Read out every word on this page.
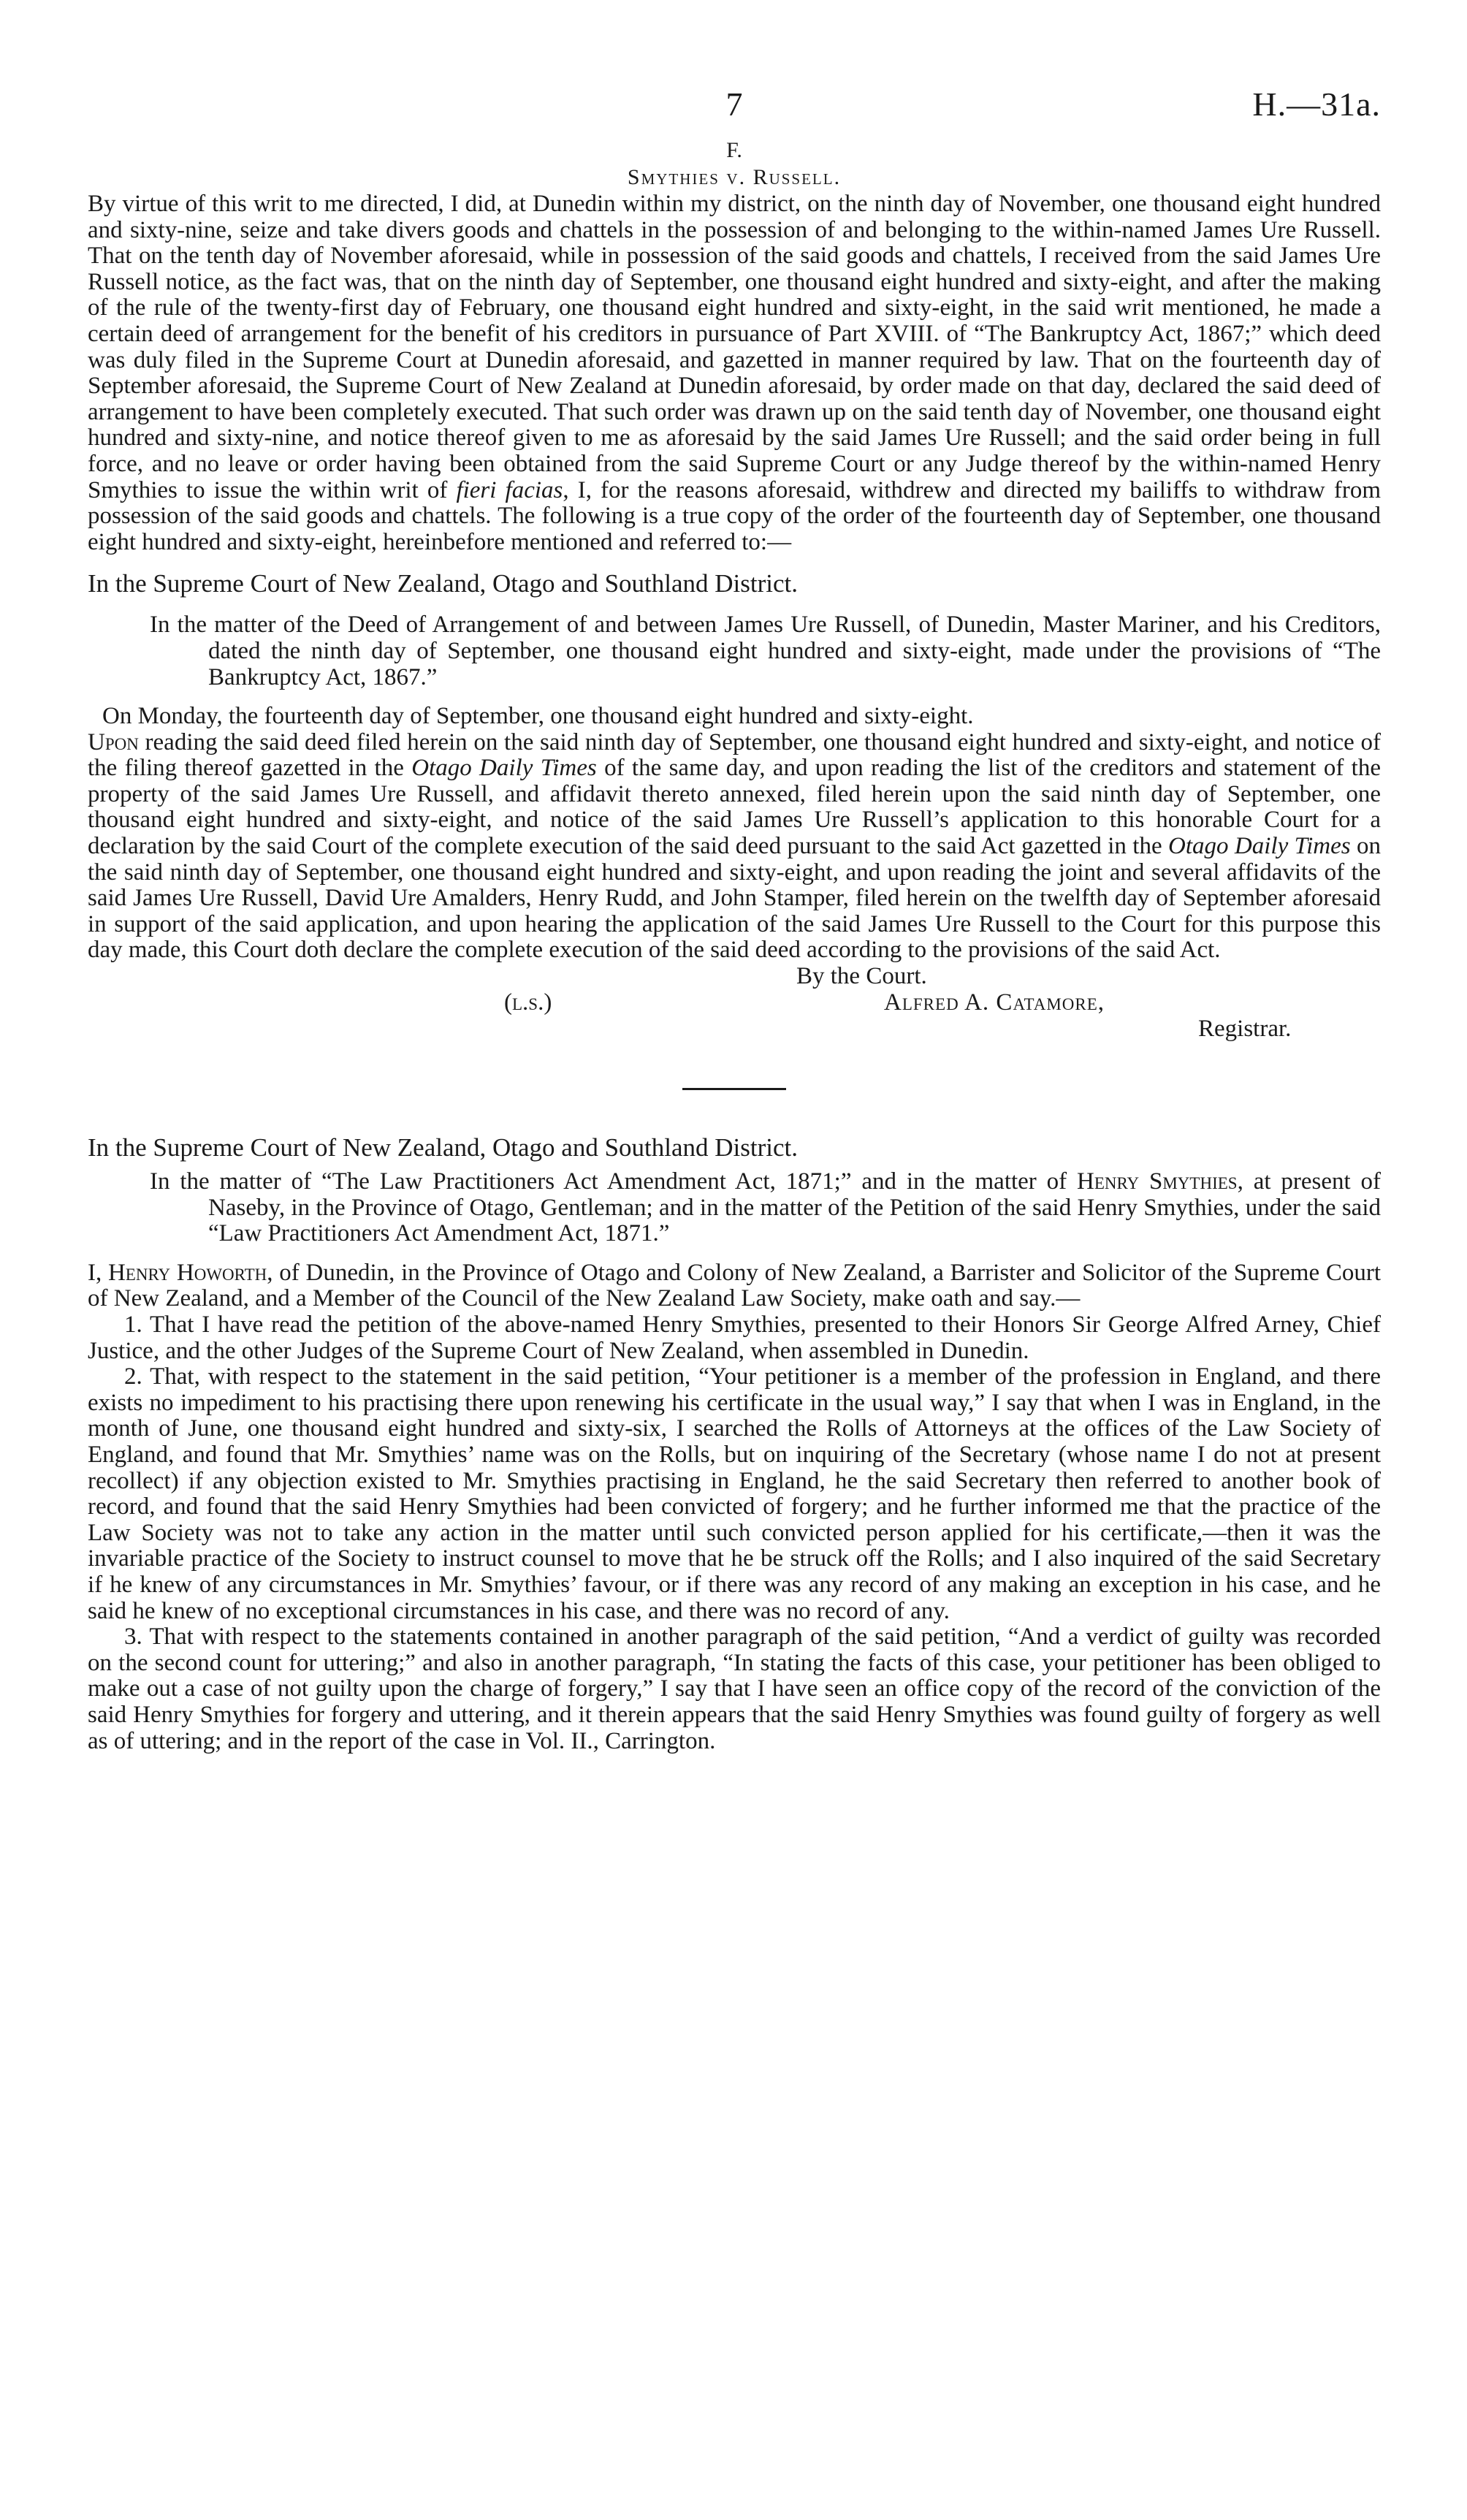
7	H.—31a.
F.
Smythies v. Russell.

By virtue of this writ to me directed, I did, at Dunedin within my district, on the ninth day of November, one thousand eight hundred and sixty-nine, seize and take divers goods and chattels in the possession of and belonging to the within-named James Ure Russell. That on the tenth day of November aforesaid, while in possession of the said goods and chattels, I received from the said James Ure Russell notice, as the fact was, that on the ninth day of September, one thousand eight hundred and sixty-eight, and after the making of the rule of the twenty-first day of February, one thousand eight hundred and sixty-eight, in the said writ mentioned, he made a certain deed of arrangement for the benefit of his creditors in pursuance of Part XVIII. of “The Bankruptcy Act, 1867;” which deed was duly filed in the Supreme Court at Dunedin aforesaid, and gazetted in manner required by law. That on the fourteenth day of September aforesaid, the Supreme Court of New Zealand at Dunedin aforesaid, by order made on that day, declared the said deed of arrangement to have been completely executed. That such order was drawn up on the said tenth day of November, one thousand eight hundred and sixty-nine, and notice thereof given to me as aforesaid by the said James Ure Russell; and the said order being in full force, and no leave or order having been obtained from the said Supreme Court or any Judge thereof by the within-named Henry Smythies to issue the within writ of fieri facias, I, for the reasons aforesaid, withdrew and directed my bailiffs to withdraw from possession of the said goods and chattels. The following is a true copy of the order of the fourteenth day of September, one thousand eight hundred and sixty-eight, hereinbefore mentioned and referred to:—

In the Supreme Court of New Zealand, Otago and Southland District.

In the matter of the Deed of Arrangement of and between James Ure Russell, of Dunedin, Master Mariner, and his Creditors, dated the ninth day of September, one thousand eight hundred and sixty-eight, made under the provisions of “The Bankruptcy Act, 1867.”

On Monday, the fourteenth day of September, one thousand eight hundred and sixty-eight.

Upon reading the said deed filed herein on the said ninth day of September, one thousand eight hundred and sixty-eight, and notice of the filing thereof gazetted in the Otago Daily Times of the same day, and upon reading the list of the creditors and statement of the property of the said James Ure Russell, and affidavit thereto annexed, filed herein upon the said ninth day of September, one thousand eight hundred and sixty-eight, and notice of the said James Ure Russell’s application to this honorable Court for a declaration by the said Court of the complete execution of the said deed pursuant to the said Act gazetted in the Otago Daily Times on the said ninth day of September, one thousand eight hundred and sixty-eight, and upon reading the joint and several affidavits of the said James Ure Russell, David Ure Amalders, Henry Rudd, and John Stamper, filed herein on the twelfth day of September aforesaid in support of the said application, and upon hearing the application of the said James Ure Russell to the Court for this purpose this day made, this Court doth declare the complete execution of the said deed according to the provisions of the said Act.

By the Court.
(l.s.)	Alfred A. Catamore,
Registrar.

In the Supreme Court of New Zealand, Otago and Southland District.

In the matter of “The Law Practitioners Act Amendment Act, 1871;” and in the matter of Henry Smythies, at present of Naseby, in the Province of Otago, Gentleman; and in the matter of the Petition of the said Henry Smythies, under the said “Law Practitioners Act Amendment Act, 1871.”

I, Henry Howorth, of Dunedin, in the Province of Otago and Colony of New Zealand, a Barrister and Solicitor of the Supreme Court of New Zealand, and a Member of the Council of the New Zealand Law Society, make oath and say.—

1. That I have read the petition of the above-named Henry Smythies, presented to their Honors Sir George Alfred Arney, Chief Justice, and the other Judges of the Supreme Court of New Zealand, when assembled in Dunedin.

2. That, with respect to the statement in the said petition, “Your petitioner is a member of the profession in England, and there exists no impediment to his practising there upon renewing his certificate in the usual way,” I say that when I was in England, in the month of June, one thousand eight hundred and sixty-six, I searched the Rolls of Attorneys at the offices of the Law Society of England, and found that Mr. Smythies’ name was on the Rolls, but on inquiring of the Secretary (whose name I do not at present recollect) if any objection existed to Mr. Smythies practising in England, he the said Secretary then referred to another book of record, and found that the said Henry Smythies had been convicted of forgery; and he further informed me that the practice of the Law Society was not to take any action in the matter until such convicted person applied for his certificate,—then it was the invariable practice of the Society to instruct counsel to move that he be struck off the Rolls; and I also inquired of the said Secretary if he knew of any circumstances in Mr. Smythies’ favour, or if there was any record of any making an exception in his case, and he said he knew of no exceptional circumstances in his case, and there was no record of any.

3. That with respect to the statements contained in another paragraph of the said petition, “And a verdict of guilty was recorded on the second count for uttering;” and also in another paragraph, “In stating the facts of this case, your petitioner has been obliged to make out a case of not guilty upon the charge of forgery,” I say that I have seen an office copy of the record of the conviction of the said Henry Smythies for forgery and uttering, and it therein appears that the said Henry Smythies was found guilty of forgery as well as of uttering; and in the report of the case in Vol. II., Carrington.
